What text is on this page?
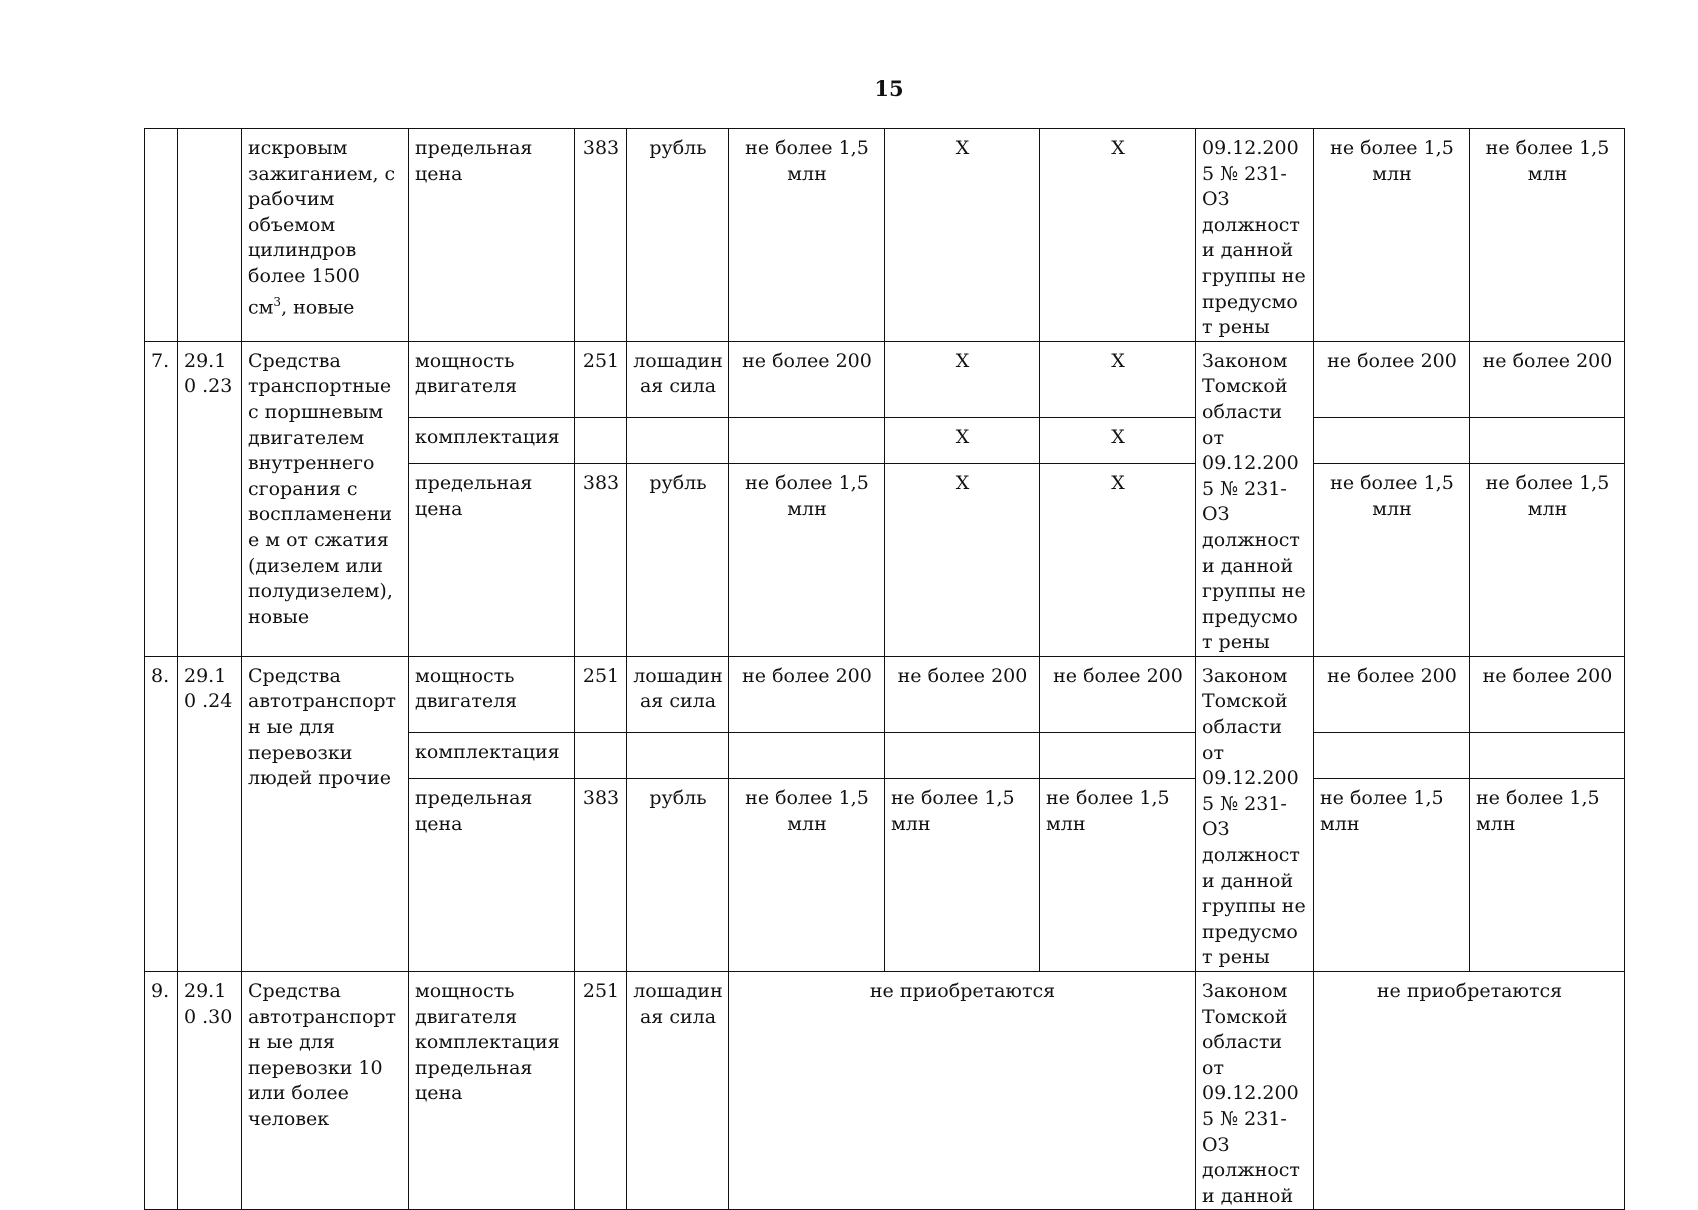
15
		искровым зажиганием, с рабочим объемом цилиндров более 1500 $см^3$, новые	предельная цена	383	рубль	не более 1,5 млн	Х	Х	09.12.2005 № 231-ОЗ должности данной группы не предусмот рены	не более 1,5 млн	не более 1,5 млн
7.	29.10 .23	Средства транспортные с поршневым двигателем внутреннего сгорания с воспламенение м от сжатия (дизелем или полудизелем), новые	мощность двигателя	251	лошадин ая сила	не более 200	Х	Х	Законом Томской области от 09.12.2005 № 231-ОЗ должности данной группы не предусмот рены	не более 200	не более 200
			комплектация				Х	Х			
			предельная цена	383	рубль	не более 1,5 млн	Х	Х		не более 1,5 млн	не более 1,5 млн
8.	29.10 .24	Средства автотранспортн ые для перевозки людей прочие	мощность двигателя	251	лошадин ая сила	не более 200	не более 200	не более 200	Законом Томской области от 09.12.2005 № 231-ОЗ должности данной группы не предусмот рены	не более 200	не более 200
			комплектация								
			предельная цена	383	рубль	не более 1,5 млн	не более 1,5 млн	не более 1,5 млн		не более 1,5 млн	не более 1,5 млн
9.	29.10 .30	Средства автотранспортн ые для перевозки 10 или более человек	мощность двигателя комплектация предельная цена	251	лошадин ая сила	не приобретаются			Законом Томской области от 09.12.2005 № 231-ОЗ должности данной	не приобретаются	
